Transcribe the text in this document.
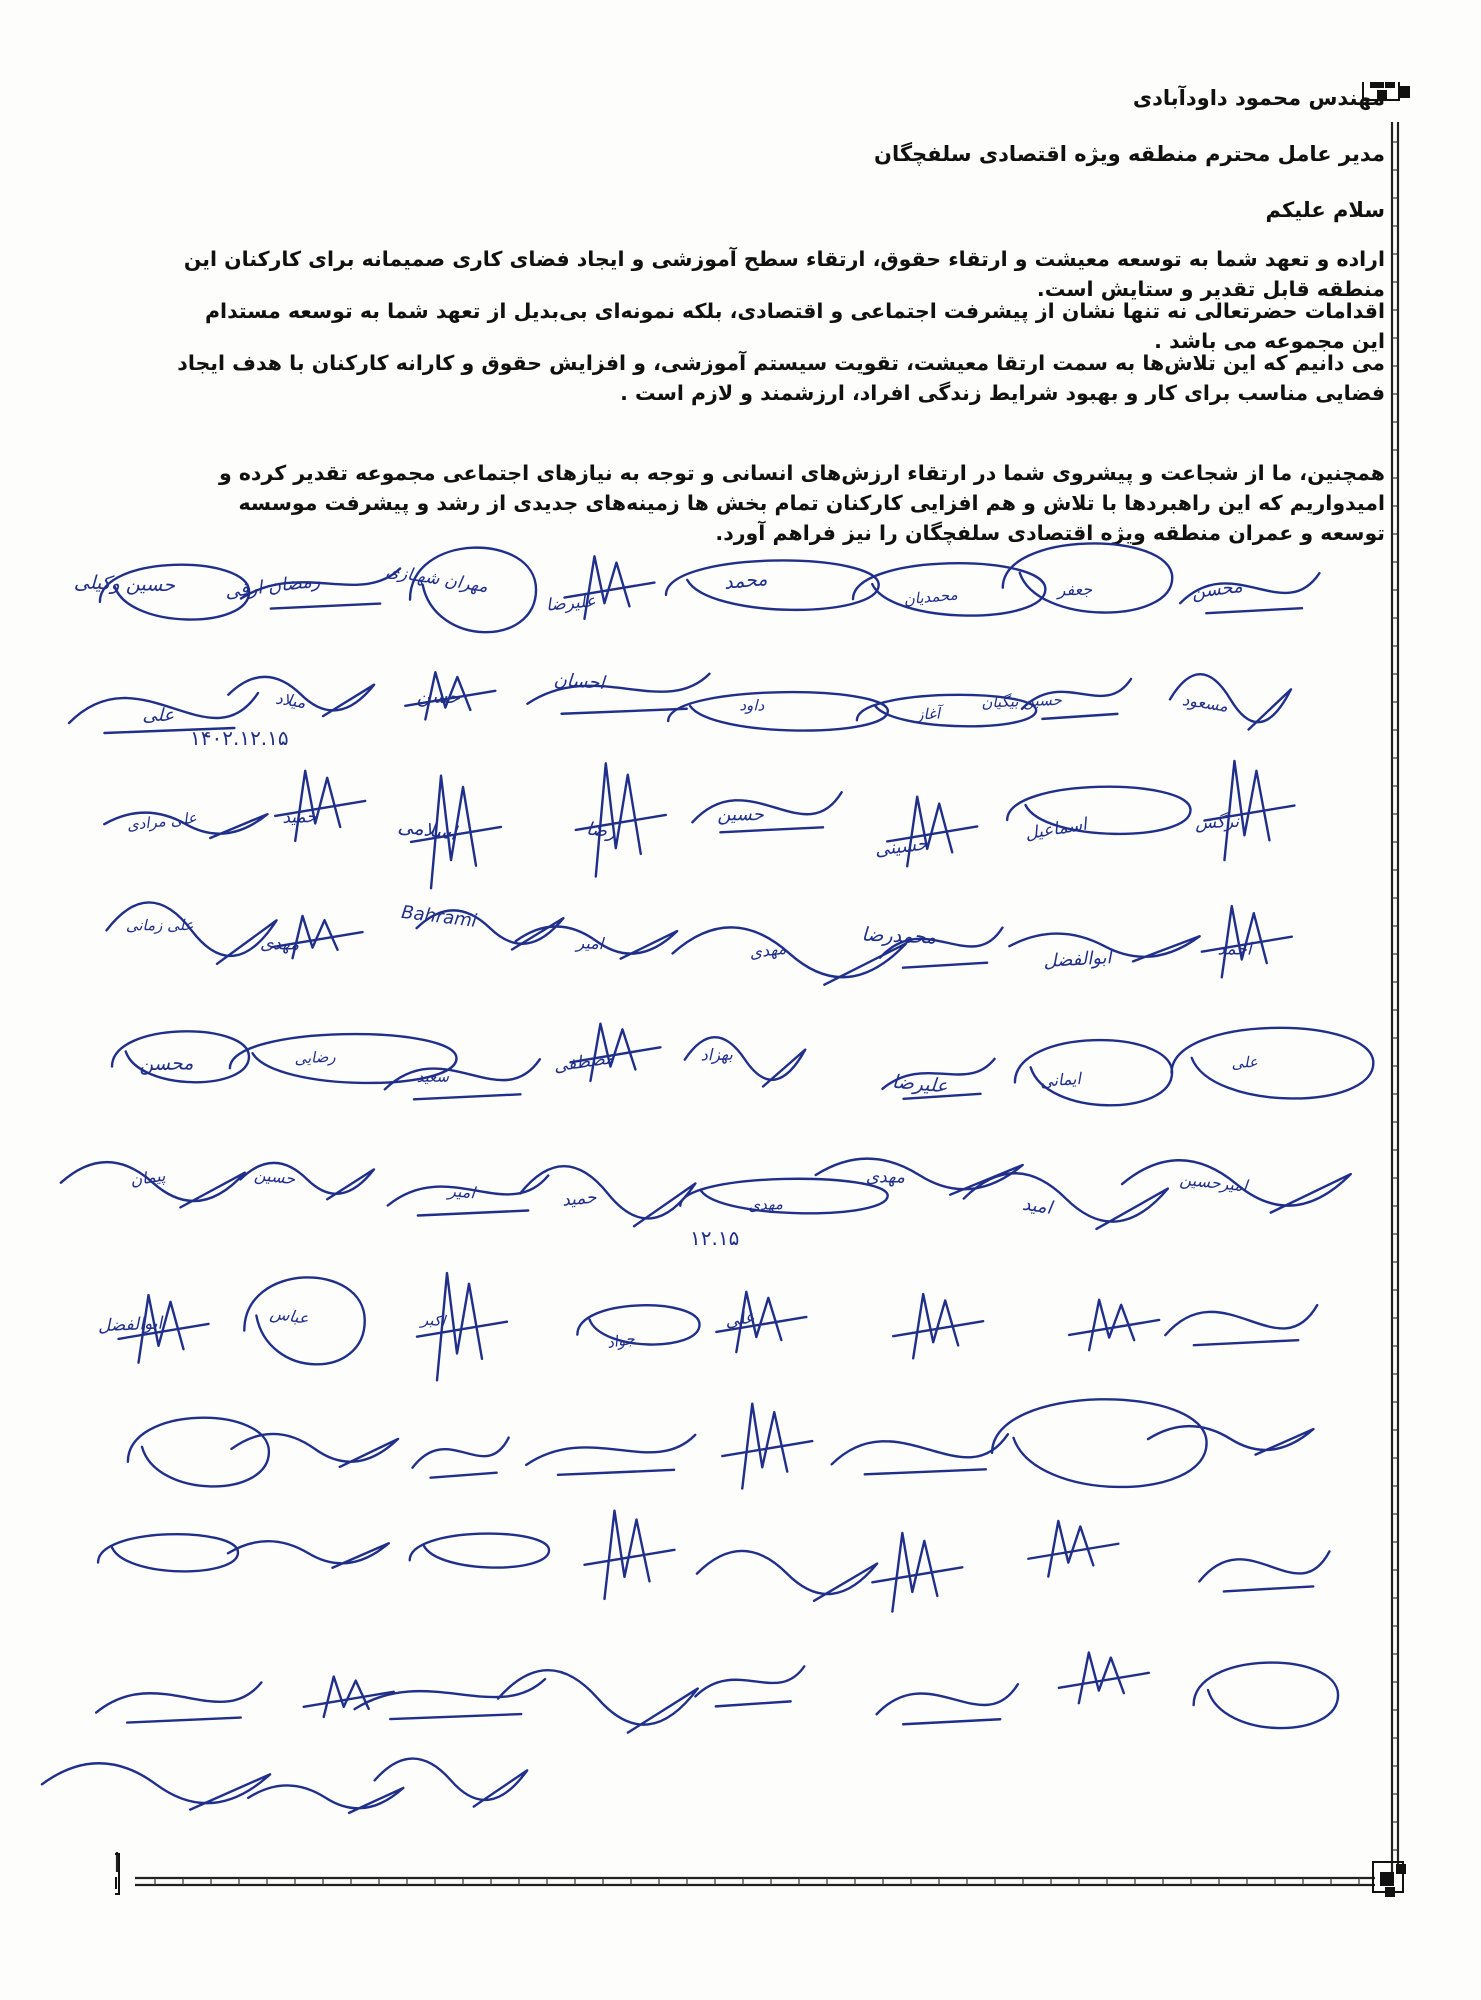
مهندس محمود داودآبادی

مدیر عامل محترم منطقه ویژه اقتصادی سلفچگان

سلام علیکم

اراده و تعهد شما به توسعه معیشت و ارتقاء حقوق، ارتقاء سطح آموزشی و ایجاد فضای کاری صمیمانه برای کارکنان این منطقه قابل تقدیر و ستایش است.

اقدامات حضرتعالی نه تنها نشان از پیشرفت اجتماعی و اقتصادی، بلکه نمونه‌ای بی‌بدیل از تعهد شما به توسعه مستدام این مجموعه می باشد .

می دانیم که این تلاش‌ها به سمت ارتقا معیشت، تقویت سیستم آموزشی، و افزایش حقوق و کارانه کارکنان با هدف ایجاد فضایی مناسب برای کار و بهبود شرایط زندگی افراد، ارزشمند و لازم است .

همچنین، ما از شجاعت و پیشروی شما در ارتقاء ارزش‌های انسانی و توجه به نیازهای اجتماعی مجموعه تقدیر کرده و امیدواریم که این راهبردها با تلاش و هم افزایی کارکنان تمام بخش ها زمینه‌های جدیدی از رشد و پیشرفت موسسه توسعه و عمران منطقه ویژه اقتصادی سلفچگان را نیز فراهم آورد.

حسین وکیلی	رمضان ارقی	مهران شهبازی
علیرضا
محمد
محمدیان	جعفر	محسن
علی
میلاد	حسن
احسان
داود	آغاز
حسین بیگیان	مسعود
علی مرادی	حمید	اسلامی	رضا
حسین
حسینی
اسماعیل	نرگس
علی زمانی
مهدی
Bahrami
امیر	مهدی
محمدرضا
ابوالفضل	احمد
محسن	رضایی
سعید
مصطفی	بهزاد
علیرضا	ایمانی
علی
پیمان	حسین
امیر	حمید	مهدی
مهدی
امید
امیرحسین
ابوالفضل	عباس	اکبر
جواد
علی
۱۴۰۲.۱۲.۱۵
۱۲.۱۵
